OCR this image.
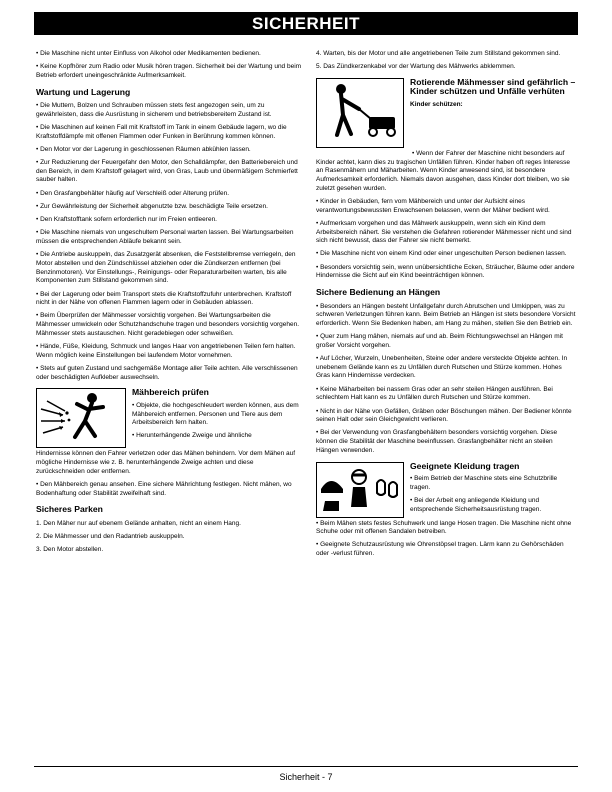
SICHERHEIT

• Die Maschine nicht unter Einfluss von Alkohol oder Medikamenten bedienen.

• Keine Kopfhörer zum Radio oder Musik hören tragen. Sicherheit bei der Wartung und beim Betrieb erfordert uneingeschränkte Aufmerksamkeit.

Wartung und Lagerung

• Die Muttern, Bolzen und Schrauben müssen stets fest angezogen sein, um zu gewährleisten, dass die Ausrüstung in sicherem und betriebsbereitem Zustand ist.

• Die Maschinen auf keinen Fall mit Kraftstoff im Tank in einem Gebäude lagern, wo die Kraftstoffdämpfe mit offenen Flammen oder Funken in Berührung kommen können.

• Den Motor vor der Lagerung in geschlossenen Räumen abkühlen lassen.

• Zur Reduzierung der Feuergefahr den Motor, den Schalldämpfer, den Batteriebereich und den Bereich, in dem Kraftstoff gelagert wird, von Gras, Laub und übermäßigem Schmierfett sauber halten.

• Den Grasfangbehälter häufig auf Verschleiß oder Alterung prüfen.

• Zur Gewährleistung der Sicherheit abgenutzte bzw. beschädigte Teile ersetzen.

• Den Kraftstofftank sofern erforderlich nur im Freien entleeren.

• Die Maschine niemals von ungeschultem Personal warten lassen. Bei Wartungsarbeiten müssen die entsprechenden Abläufe bekannt sein.

• Die Antriebe auskuppeln, das Zusatzgerät absenken, die Feststellbremse verriegeln, den Motor abstellen und den Zündschlüssel abziehen oder die Zündkerzen entfernen (bei Benzinmotoren). Vor Einstellungs-, Reinigungs- oder Reparaturarbeiten warten, bis alle Komponenten zum Stillstand gekommen sind.

• Bei der Lagerung oder beim Transport stets die Kraftstoffzufuhr unterbrechen. Kraftstoff nicht in der Nähe von offenen Flammen lagern oder in Gebäuden ablassen.

• Beim Überprüfen der Mähmesser vorsichtig vorgehen. Bei Wartungsarbeiten die Mähmesser umwickeln oder Schutzhandschuhe tragen und besonders vorsichtig vorgehen. Mähmesser stets austauschen. Nicht geradebiegen oder schweißen.

• Hände, Füße, Kleidung, Schmuck und langes Haar von angetriebenen Teilen fern halten. Wenn möglich keine Einstellungen bei laufendem Motor vornehmen.

• Stets auf guten Zustand und sachgemäße Montage aller Teile achten. Alle verschlissenen oder beschädigten Aufkleber auswechseln.

Mähbereich prüfen

• Objekte, die hochgeschleudert werden können, aus dem Mähbereich entfernen. Personen und Tiere aus dem Arbeitsbereich fern halten.

• Herunterhängende Zweige und ähnliche

Hindernisse können den Fahrer verletzen oder das Mähen behindern. Vor dem Mähen auf mögliche Hindernisse wie z. B. herunterhängende Zweige achten und diese zurückschneiden oder entfernen.

• Den Mähbereich genau ansehen. Eine sichere Mährichtung festlegen. Nicht mähen, wo Bodenhaftung oder Stabilität zweifelhaft sind.

Sicheres Parken

1. Den Mäher nur auf ebenem Gelände anhalten, nicht an einem Hang.

2. Die Mähmesser und den Radantrieb auskuppeln.

3. Den Motor abstellen.

4. Warten, bis der Motor und alle angetriebenen Teile zum Stillstand gekommen sind.

5. Das Zündkerzenkabel vor der Wartung des Mähwerks abklemmen.

Rotierende Mähmesser sind gefährlich – Kinder schützen und Unfälle verhüten
Kinder schützen:

• Wenn der Fahrer der Maschine nicht besonders auf Kinder achtet, kann dies zu tragischen Unfällen führen. Kinder haben oft reges Interesse an Rasenmähern und Mäharbeiten. Wenn Kinder anwesend sind, ist besondere Aufmerksamkeit erforderlich. Niemals davon ausgehen, dass Kinder dort bleiben, wo sie zuletzt gesehen wurden.

• Kinder in Gebäuden, fern vom Mähbereich und unter der Aufsicht eines verantwortungsbewussten Erwachsenen belassen, wenn der Mäher bedient wird.

• Aufmerksam vorgehen und das Mähwerk auskuppeln, wenn sich ein Kind dem Arbeitsbereich nähert. Sie verstehen die Gefahren rotierender Mähmesser nicht und sind sich nicht bewusst, dass der Fahrer sie nicht bemerkt.

• Die Maschine nicht von einem Kind oder einer ungeschulten Person bedienen lassen.

• Besonders vorsichtig sein, wenn unübersichtliche Ecken, Sträucher, Bäume oder andere Hindernisse die Sicht auf ein Kind beeinträchtigen können.

Sichere Bedienung an Hängen

• Besonders an Hängen besteht Unfallgefahr durch Abrutschen und Umkippen, was zu schweren Verletzungen führen kann. Beim Betrieb an Hängen ist stets besondere Vorsicht erforderlich. Wenn Sie Bedenken haben, am Hang zu mähen, stellen Sie den Betrieb ein.

• Quer zum Hang mähen, niemals auf und ab. Beim Richtungswechsel an Hängen mit großer Vorsicht vorgehen.

• Auf Löcher, Wurzeln, Unebenheiten, Steine oder andere versteckte Objekte achten. In unebenem Gelände kann es zu Unfällen durch Rutschen und Stürze kommen. Hohes Gras kann Hindernisse verdecken.

• Keine Mäharbeiten bei nassem Gras oder an sehr steilen Hängen ausführen. Bei schlechtem Halt kann es zu Unfällen durch Rutschen und Stürze kommen.

• Nicht in der Nähe von Gefällen, Gräben oder Böschungen mähen. Der Bediener könnte seinen Halt oder sein Gleichgewicht verlieren.

• Bei der Verwendung von Grasfangbehältern besonders vorsichtig vorgehen. Diese können die Stabilität der Maschine beeinflussen. Grasfangbehälter nicht an steilen Hängen verwenden.

Geeignete Kleidung tragen

• Beim Betrieb der Maschine stets eine Schutzbrille tragen.

• Bei der Arbeit eng anliegende Kleidung und entsprechende Sicherheitsausrüstung tragen.

• Beim Mähen stets festes Schuhwerk und lange Hosen tragen. Die Maschine nicht ohne Schuhe oder mit offenen Sandalen betreiben.

• Geeignete Schutzausrüstung wie Ohrenstöpsel tragen. Lärm kann zu Gehörschäden oder -verlust führen.

Sicherheit - 7
